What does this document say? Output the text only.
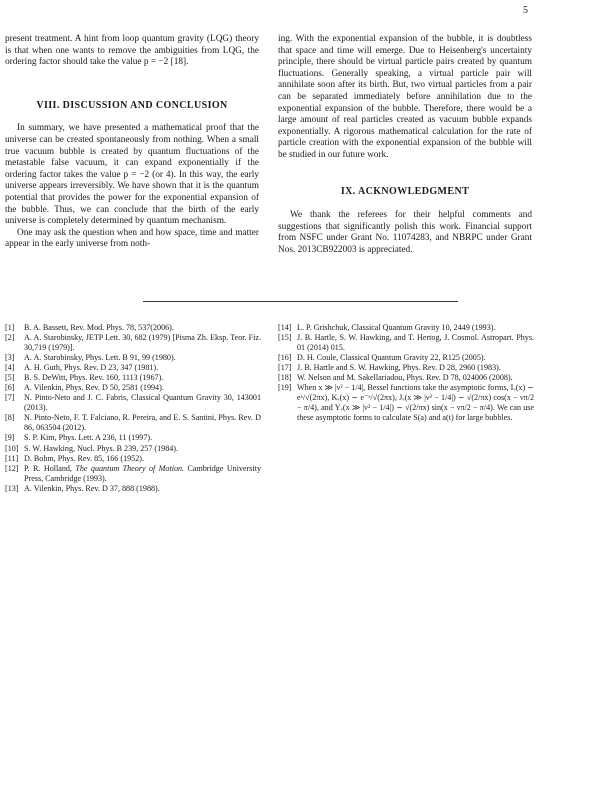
5

present treatment. A hint from loop quantum gravity (LQG) theory is that when one wants to remove the ambiguities from LQG, the ordering factor should take the value p = −2 [18].

VIII. DISCUSSION AND CONCLUSION

In summary, we have presented a mathematical proof that the universe can be created spontaneously from nothing. When a small true vacuum bubble is created by quantum fluctuations of the metastable false vacuum, it can expand exponentially if the ordering factor takes the value p = −2 (or 4). In this way, the early universe appears irreversibly. We have shown that it is the quantum potential that provides the power for the exponential expansion of the bubble. Thus, we can conclude that the birth of the early universe is completely determined by quantum mechanism.

One may ask the question when and how space, time and matter appear in the early universe from noth-

ing. With the exponential expansion of the bubble, it is doubtless that space and time will emerge. Due to Heisenberg's uncertainty principle, there should be virtual particle pairs created by quantum fluctuations. Generally speaking, a virtual particle pair will annihilate soon after its birth. But, two virtual particles from a pair can be separated immediately before annihilation due to the exponential expansion of the bubble. Therefore, there would be a large amount of real particles created as vacuum bubble expands exponentially. A rigorous mathematical calculation for the rate of particle creation with the exponential expansion of the bubble will be studied in our future work.

IX. ACKNOWLEDGMENT

We thank the referees for their helpful comments and suggestions that significantly polish this work. Financial support from NSFC under Grant No. 11074283, and NBRPC under Grant Nos. 2013CB922003 is appreciated.

[1]	B. A. Bassett, Rev. Mod. Phys. 78, 537(2006).
[2]	A. A. Starobinsky, JETP Lett. 30, 682 (1979) [Pisma Zh. Eksp. Teor. Fiz. 30,719 (1979)].
[3]	A. A. Starobinsky, Phys. Lett. B 91, 99 (1980).
[4]	A. H. Guth, Phys. Rev. D 23, 347 (1981).
[5]	B. S. DeWitt, Phys. Rev. 160, 1113 (1967).
[6]	A. Vilenkin, Phys. Rev. D 50, 2581 (1994).
[7]	N. Pinto-Neto and J. C. Fabris, Classical Quantum Gravity 30, 143001 (2013).
[8]	N. Pinto-Neto, F. T. Falciano, R. Pereira, and E. S. Santini, Phys. Rev. D 86, 063504 (2012).
[9]	S. P. Kim, Phys. Lett. A 236, 11 (1997).
[10] S. W. Hawking, Nucl. Phys. B 239, 257 (1984).
[11] D. Bohm, Phys. Rev. 85, 166 (1952).
[12] P. R. Holland, The quantum Theory of Motion. Cambridge University Press, Cambridge (1993).
[13] A. Vilenkin, Phys. Rev. D 37, 888 (1988).
[14] L. P. Grishchuk, Classical Quantum Gravity 10, 2449 (1993).
[15] J. B. Hartle, S. W. Hawking, and T. Hertog, J. Cosmol. Astropart. Phys. 01 (2014) 015.
[16] D. H. Coule, Classical Quantum Gravity 22, R125 (2005).
[17] J. B. Hartle and S. W. Hawking, Phys. Rev. D 28, 2960 (1983).
[18] W. Nelson and M. Sakellariadou, Phys. Rev. D 78, 024006 (2008).
[19] When x ≫ |ν² − 1/4|, Bessel functions take the asymptotic forms, Iᵥ(x) ∼ eˣ/√(2πx), Kᵥ(x) ∼ e⁻ˣ/√(2πx), Jᵥ(x ≫ |ν² − 1/4|) ∼ √(2/πx) cos(x − νπ/2 − π/4), and Yᵥ(x ≫ |ν² − 1/4|) ∼ √(2/πx) sin(x − νπ/2 − π/4). We can use these asymptotic forms to calculate S(a) and a(t) for large bubbles.
